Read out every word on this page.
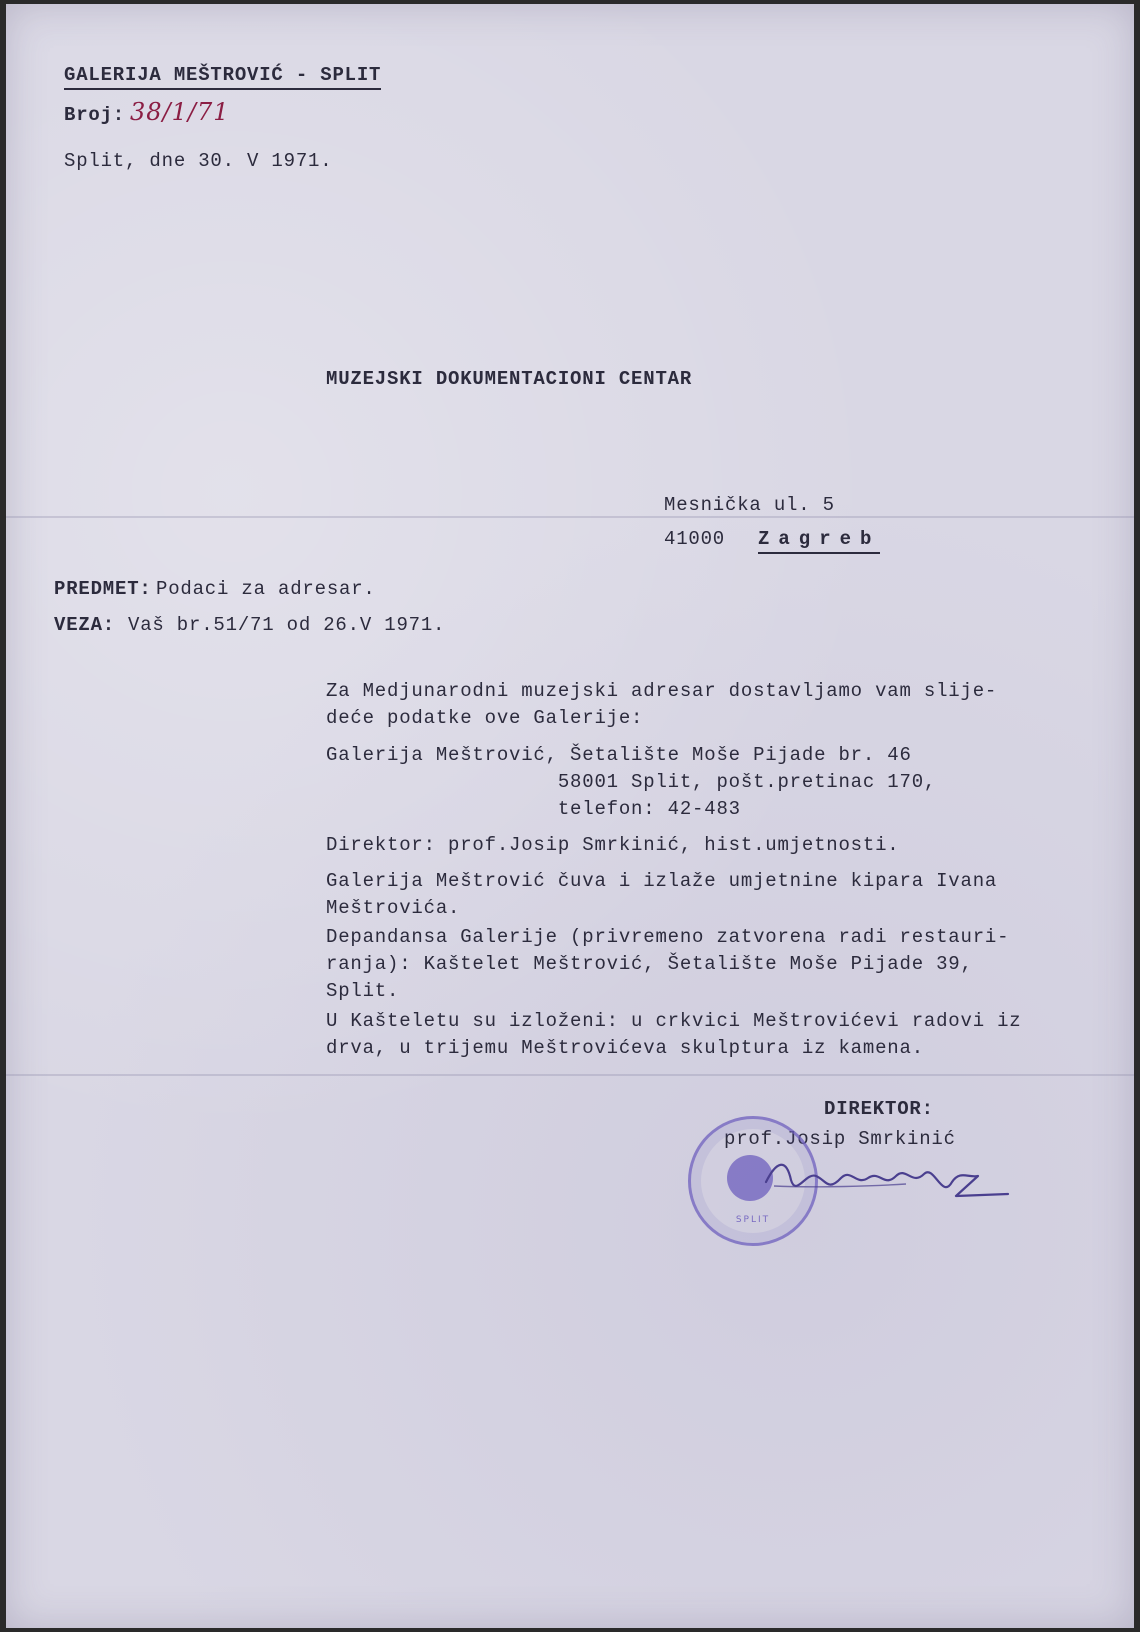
GALERIJA MEŠTROVIĆ - SPLIT

Broj: 38/1/71

Split, dne 30. V 1971.

MUZEJSKI DOKUMENTACIONI CENTAR

Mesnička ul. 5

41000 Zagreb

PREDMET: Podaci za adresar.

VEZA: Vaš br.51/71 od 26.V 1971.

Za Medjunarodni muzejski adresar dostavljamo vam slije-
deće podatke ove Galerije:

Galerija Meštrović, Šetalište Moše Pijade br. 46
58001 Split, pošt.pretinac 170,
telefon: 42-483

Direktor: prof.Josip Smrkinić, hist.umjetnosti.

Galerija Meštrović čuva i izlaže umjetnine kipara Ivana
Meštrovića.

Depandansa Galerije (privremeno zatvorena radi restauri-
ranja): Kaštelet Meštrović, Šetalište Moše Pijade 39,
Split.

U Kašteletu su izloženi: u crkvici Meštrovićevi radovi iz
drva, u trijemu Meštrovićeva skulptura iz kamena.

DIREKTOR:

prof.Josip Smrkinić

SPLIT
